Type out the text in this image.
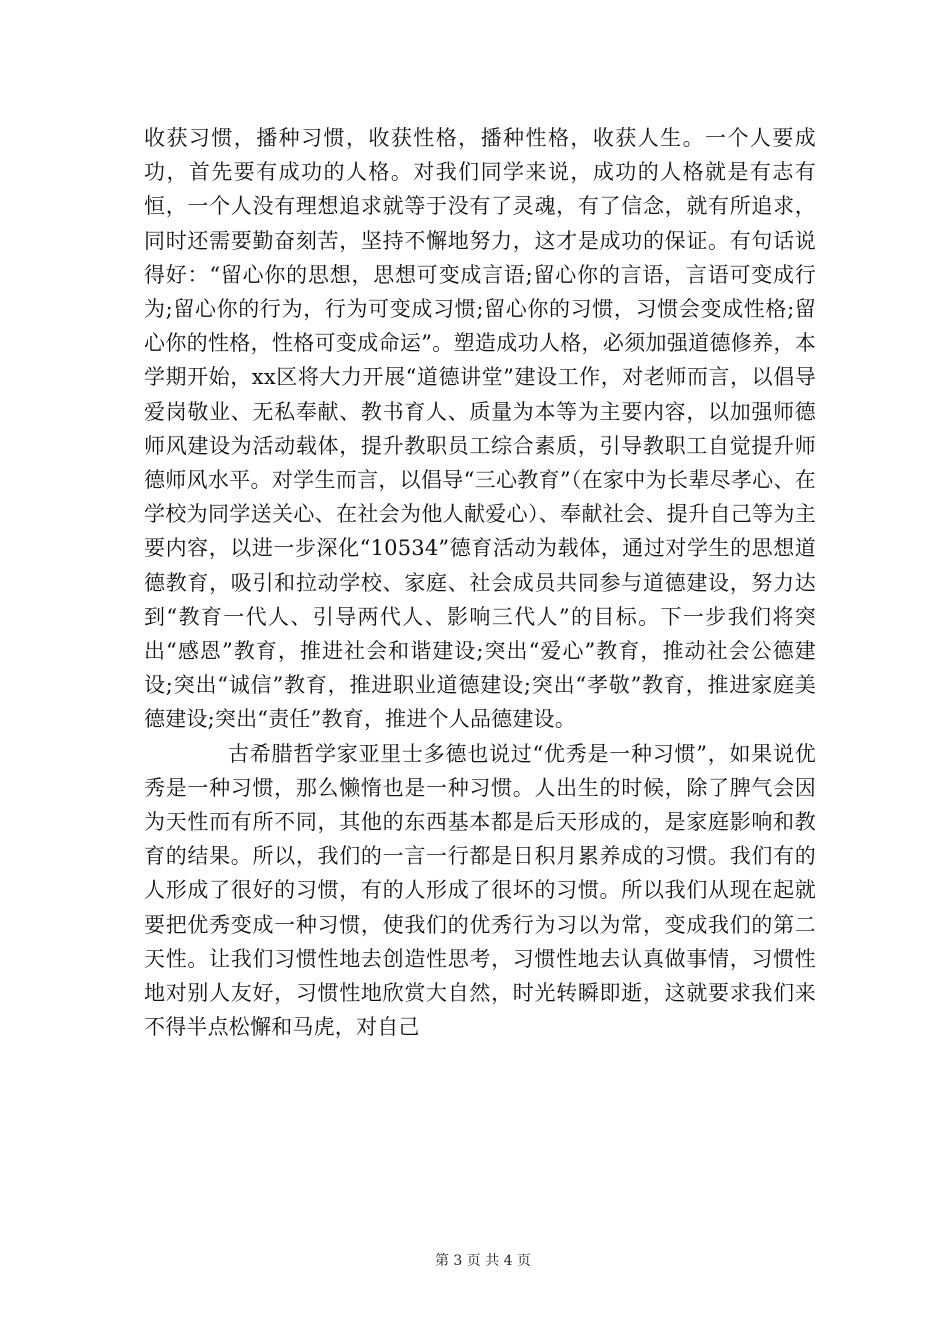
收获习惯，播种习惯，收获性格，播种性格，收获人生。一个人要成功，首先要有成功的人格。对我们同学来说，成功的人格就是有志有恒，一个人没有理想追求就等于没有了灵魂，有了信念，就有所追求，同时还需要勤奋刻苦，坚持不懈地努力，这才是成功的保证。有句话说得好：“留心你的思想，思想可变成言语;留心你的言语，言语可变成行为;留心你的行为，行为可变成习惯;留心你的习惯，习惯会变成性格;留心你的性格，性格可变成命运”。塑造成功人格，必须加强道德修养，本学期开始，xx区将大力开展“道德讲堂”建设工作，对老师而言，以倡导爱岗敬业、无私奉献、教书育人、质量为本等为主要内容，以加强师德师风建设为活动载体，提升教职员工综合素质，引导教职工自觉提升师德师风水平。对学生而言，以倡导“三心教育”（在家中为长辈尽孝心、在学校为同学送关心、在社会为他人献爱心）、奉献社会、提升自己等为主要内容，以进一步深化“10534”德育活动为载体，通过对学生的思想道德教育，吸引和拉动学校、家庭、社会成员共同参与道德建设，努力达到“教育一代人、引导两代人、影响三代人”的目标。下一步我们将突出“感恩”教育，推进社会和谐建设;突出“爱心”教育，推动社会公德建设;突出“诚信”教育，推进职业道德建设;突出“孝敬”教育，推进家庭美德建设;突出“责任”教育，推进个人品德建设。

古希腊哲学家亚里士多德也说过“优秀是一种习惯”，如果说优秀是一种习惯，那么懒惰也是一种习惯。人出生的时候，除了脾气会因为天性而有所不同，其他的东西基本都是后天形成的，是家庭影响和教育的结果。所以，我们的一言一行都是日积月累养成的习惯。我们有的人形成了很好的习惯，有的人形成了很坏的习惯。所以我们从现在起就要把优秀变成一种习惯，使我们的优秀行为习以为常，变成我们的第二天性。让我们习惯性地去创造性思考，习惯性地去认真做事情，习惯性地对别人友好，习惯性地欣赏大自然，时光转瞬即逝，这就要求我们来不得半点松懈和马虎，对自己

第 3 页 共 4 页
